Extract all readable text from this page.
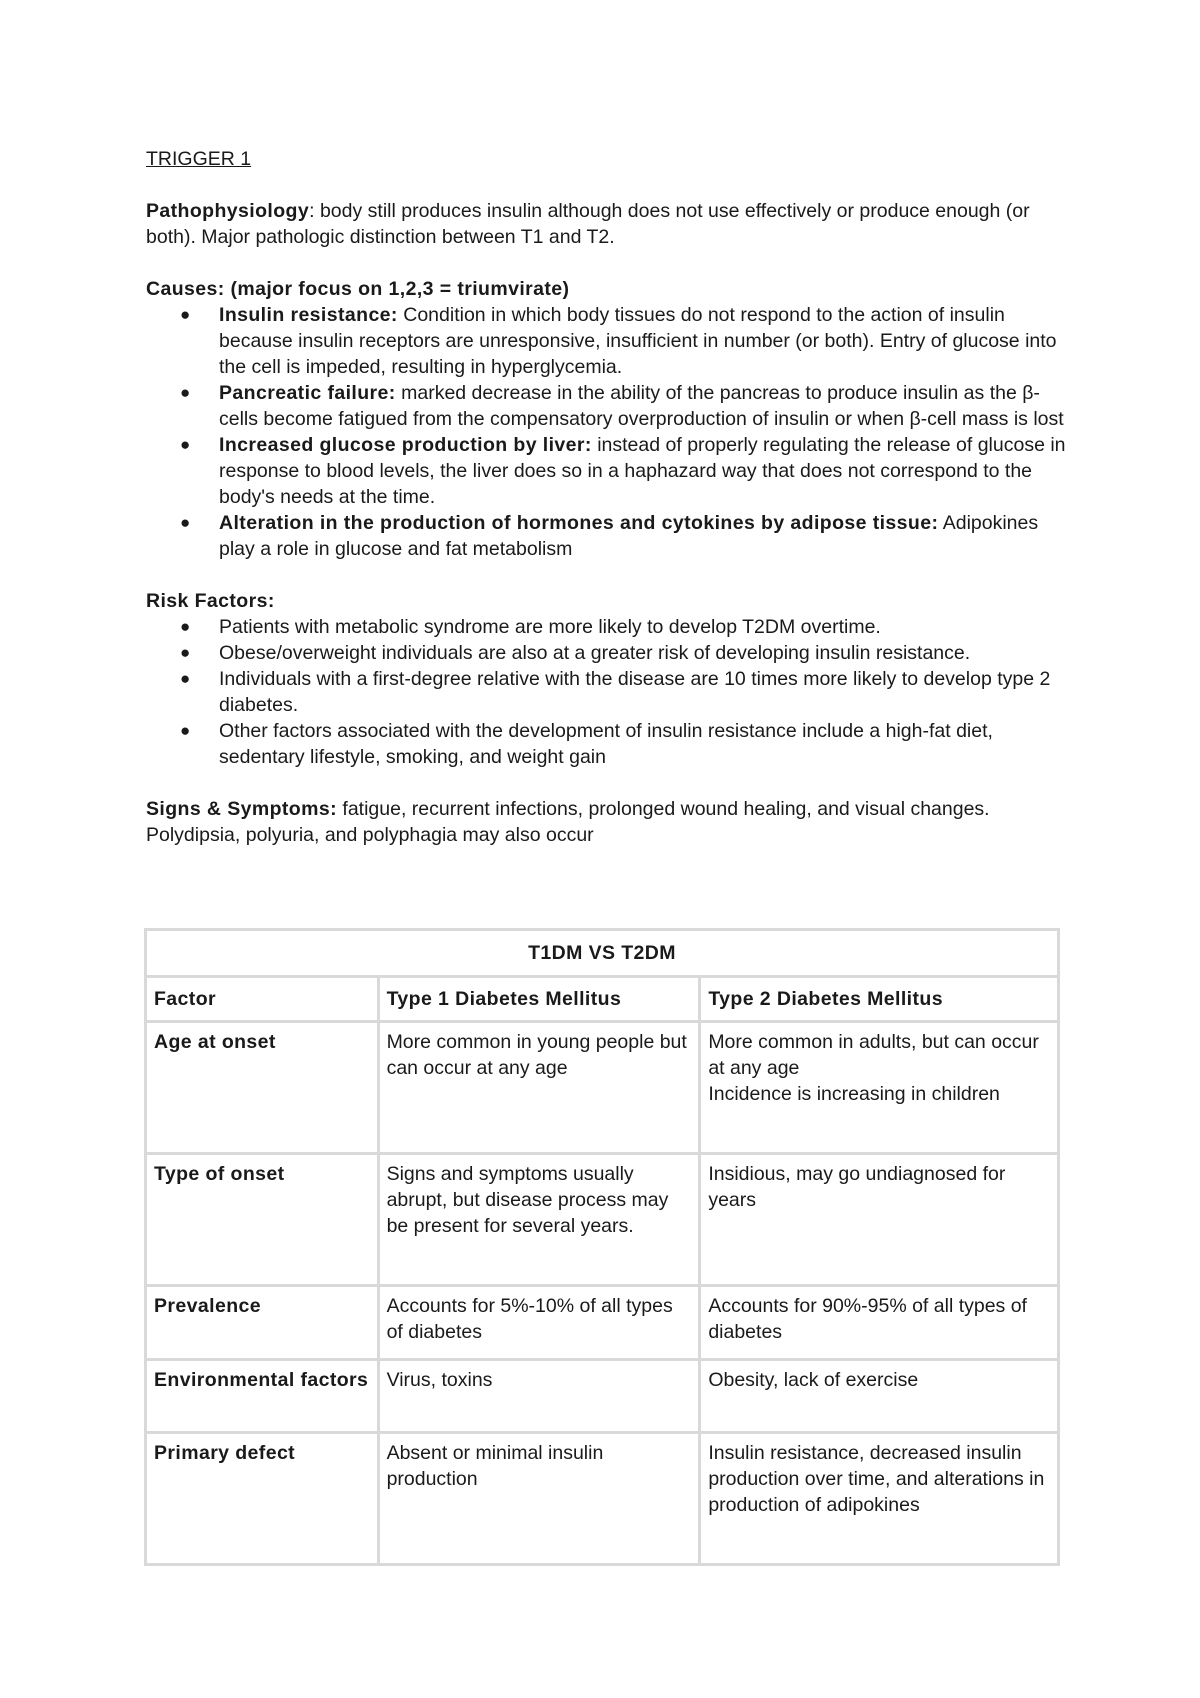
TRIGGER 1

Pathophysiology: body still produces insulin although does not use effectively or produce enough (or both). Major pathologic distinction between T1 and T2.

Causes: (major focus on 1,2,3 = triumvirate)

● Insulin resistance: Condition in which body tissues do not respond to the action of insulin because insulin receptors are unresponsive, insufficient in number (or both). Entry of glucose into the cell is impeded, resulting in hyperglycemia.
● Pancreatic failure: marked decrease in the ability of the pancreas to produce insulin as the β-cells become fatigued from the compensatory overproduction of insulin or when β-cell mass is lost
● Increased glucose production by liver: instead of properly regulating the release of glucose in response to blood levels, the liver does so in a haphazard way that does not correspond to the body's needs at the time.
● Alteration in the production of hormones and cytokines by adipose tissue: Adipokines play a role in glucose and fat metabolism

Risk Factors:

● Patients with metabolic syndrome are more likely to develop T2DM overtime.
● Obese/overweight individuals are also at a greater risk of developing insulin resistance.
● Individuals with a first-degree relative with the disease are 10 times more likely to develop type 2 diabetes.
● Other factors associated with the development of insulin resistance include a high-fat diet, sedentary lifestyle, smoking, and weight gain

Signs & Symptoms: fatigue, recurrent infections, prolonged wound healing, and visual changes. Polydipsia, polyuria, and polyphagia may also occur

T1DM VS T2DM		
Factor	Type 1 Diabetes Mellitus	Type 2 Diabetes Mellitus
Age at onset	More common in young people but can occur at any age	More common in adults, but can occur at any age
Incidence is increasing in children

Type of onset	Signs and symptoms usually abrupt, but disease process may be present for several years.	Insidious, may go undiagnosed for years
Prevalence	Accounts for 5%-10% of all types of diabetes	Accounts for 90%-95% of all types of diabetes
Environmental factors	Virus, toxins	Obesity, lack of exercise
Primary defect	Absent or minimal insulin production	Insulin resistance, decreased insulin production over time, and alterations in production of adipokines
